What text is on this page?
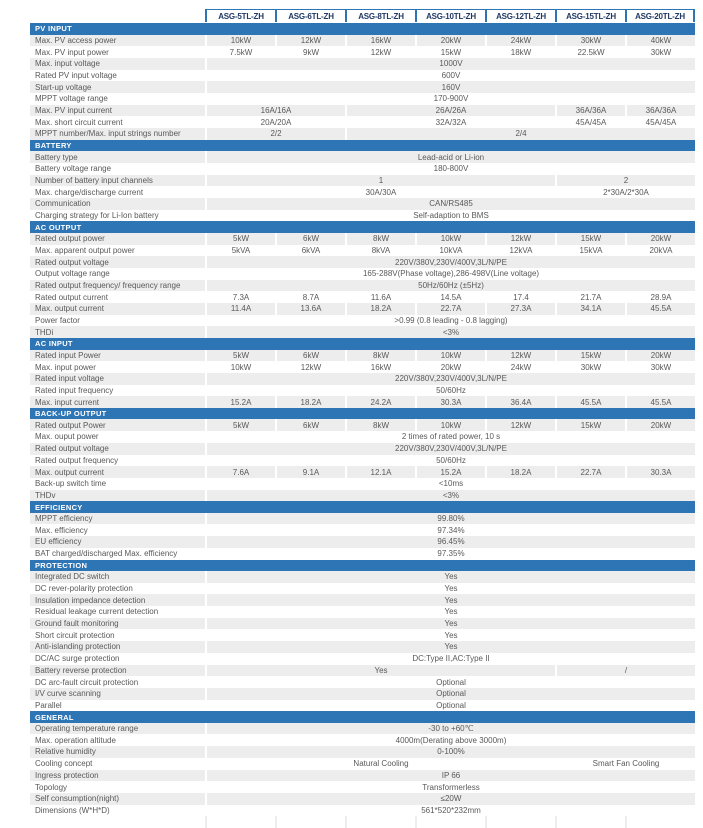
ASG-5TL-ZH	ASG-6TL-ZH	ASG-8TL-ZH	ASG-10TL-ZH	ASG-12TL-ZH	ASG-15TL-ZH	ASG-20TL-ZH
PV INPUT
Max. PV access power	10kW	12kW	16kW	20kW	24kW	30kW	40kW
Max. PV input power	7.5kW	9kW	12kW	15kW	18kW	22.5kW	30kW
Max. input voltage	1000V
Rated PV input voltage	600V
Start-up voltage	160V
MPPT voltage range	170-900V
Max. PV input current	16A/16A	26A/26A	36A/36A	36A/36A
Max. short circuit current	20A/20A	32A/32A	45A/45A	45A/45A
MPPT number/Max. input strings number	2/2	2/4
BATTERY
Battery type	Lead-acid or Li-ion
Battery voltage range	180-800V
Number of battery input channels	1	2
Max. charge/discharge current	30A/30A	2*30A/2*30A
Communication	CAN/RS485
Charging strategy for Li-Ion battery	Self-adaption to BMS
AC OUTPUT
Rated output power	5kW	6kW	8kW	10kW	12kW	15kW	20kW
Max. apparent output power	5kVA	6kVA	8kVA	10kVA	12kVA	15kVA	20kVA
Rated output voltage	220V/380V,230V/400V,3L/N/PE
Output voltage range	165-288V(Phase voltage),286-498V(Line voltage)
Rated output frequency/ frequency range	50Hz/60Hz (±5Hz)
Rated output current	7.3A	8.7A	11.6A	14.5A	17.4	21.7A	28.9A
Max. output current	11.4A	13.6A	18.2A	22.7A	27.3A	34.1A	45.5A
Power factor	>0.99 (0.8 leading - 0.8 lagging)
THDi	<3%
AC INPUT
Rated input Power	5kW	6kW	8kW	10kW	12kW	15kW	20kW
Max. input power	10kW	12kW	16kW	20kW	24kW	30kW	30kW
Rated input voltage	220V/380V,230V/400V,3L/N/PE
Rated input frequency	50/60Hz
Max. input current	15.2A	18.2A	24.2A	30.3A	36.4A	45.5A	45.5A
BACK-UP OUTPUT
Rated output Power	5kW	6kW	8kW	10kW	12kW	15kW	20kW
Max. ouput power	2 times of rated power, 10 s
Rated output voltage	220V/380V,230V/400V,3L/N/PE
Rated output frequency	50/60Hz
Max. output current	7.6A	9.1A	12.1A	15.2A	18.2A	22.7A	30.3A
Back-up switch time	<10ms
THDv	<3%
EFFICIENCY
MPPT efficiency	99.80%
Max. efficiency	97.34%
EU efficiency	96.45%
BAT charged/discharged Max. efficiency	97.35%
PROTECTION
Integrated DC switch	Yes
DC rever-polarity protection	Yes
Insulation impedance detection	Yes
Residual leakage current detection	Yes
Ground fault monitoring	Yes
Short circuit protection	Yes
Anti-islanding protection	Yes
DC/AC surge protection	DC:Type II,AC:Type II
Battery reverse protection	Yes	/
DC arc-fault circuit protection	Optional
I/V curve scanning	Optional
Parallel	Optional
GENERAL
Operating temperature range	-30 to +60℃
Max. operation altitude	4000m(Derating above 3000m)
Relative humidity	0-100%
Cooling concept	Natural Cooling	Smart Fan Cooling
Ingress protection	IP 66
Topology	Transformerless
Self consumption(night)	≤20W
Dimensions (W*H*D)	561*520*232mm
